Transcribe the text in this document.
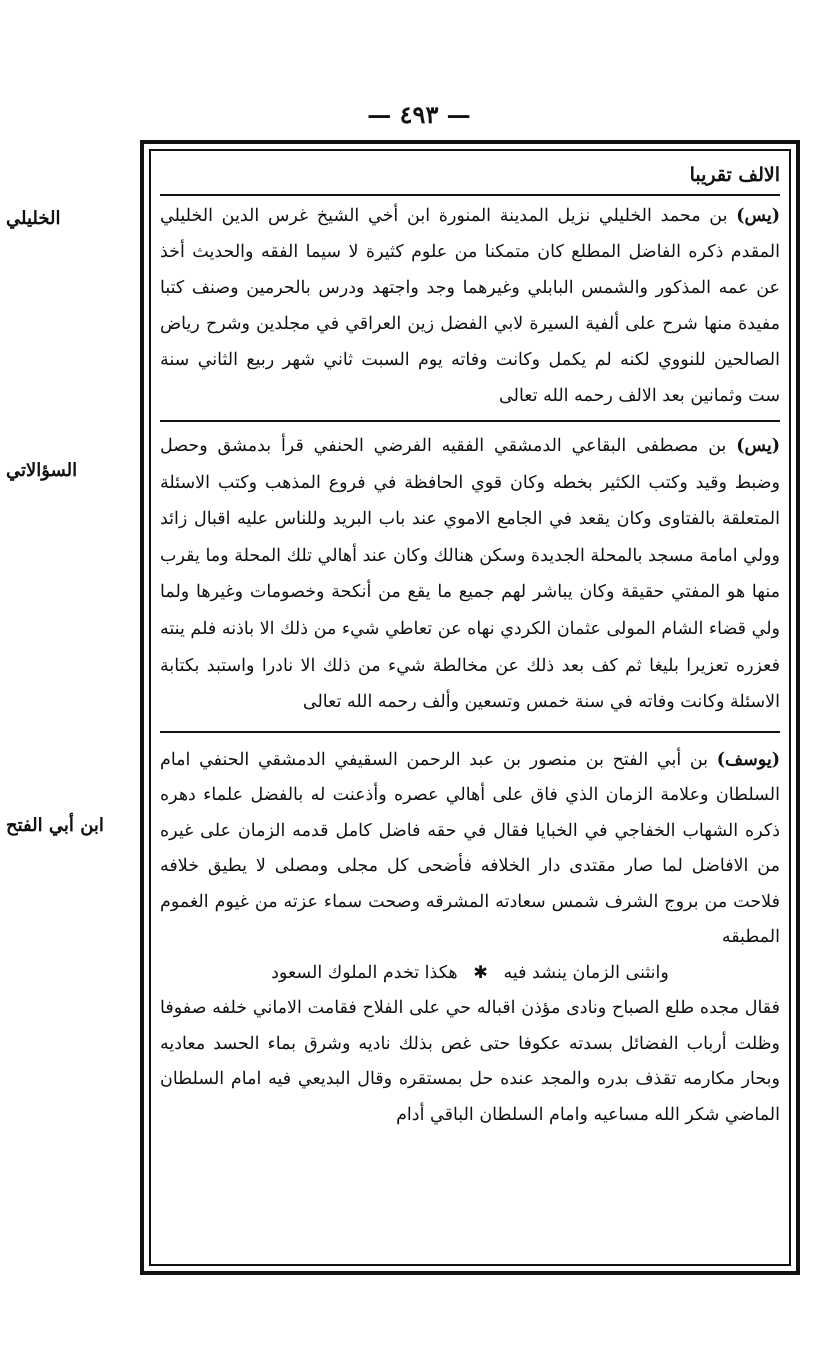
— ٤٩٣ —
الخليلي
السؤالاتي
ابن أبي الفتح
الالف تقريبا

(يس) بن محمد الخليلي نزيل المدينة المنورة ابن أخي الشيخ غرس الدين الخليلي المقدم ذكره الفاضل المطلع كان متمكنا من علوم كثيرة لا سيما الفقه والحديث أخذ عن عمه المذكور والشمس البابلي وغيرهما وجد واجتهد ودرس بالحرمين وصنف كتبا مفيدة منها شرح على ألفية السيرة لابي الفضل زين العراقي في مجلدين وشرح رياض الصالحين للنووي لكنه لم يكمل وكانت وفاته يوم السبت ثاني شهر ربيع الثاني سنة ست وثمانين بعد الالف رحمه الله تعالى

(يس) بن مصطفى البقاعي الدمشقي الفقيه الفرضي الحنفي قرأ بدمشق وحصل وضبط وقيد وكتب الكثير بخطه وكان قوي الحافظة في فروع المذهب وكتب الاسئلة المتعلقة بالفتاوى وكان يقعد في الجامع الاموي عند باب البريد وللناس عليه اقبال زائد وولي امامة مسجد بالمحلة الجديدة وسكن هنالك وكان عند أهالي تلك المحلة وما يقرب منها هو المفتي حقيقة وكان يباشر لهم جميع ما يقع من أنكحة وخصومات وغيرها ولما ولي قضاء الشام المولى عثمان الكردي نهاه عن تعاطي شيء من ذلك الا باذنه فلم ينته فعزره تعزيرا بليغا ثم كف بعد ذلك عن مخالطة شيء من ذلك الا نادرا واستبد بكتابة الاسئلة وكانت وفاته في سنة خمس وتسعين وألف رحمه الله تعالى

(يوسف) بن أبي الفتح بن منصور بن عبد الرحمن السقيفي الدمشقي الحنفي امام السلطان وعلامة الزمان الذي فاق على أهالي عصره وأذعنت له بالفضل علماء دهره ذكره الشهاب الخفاجي في الخبايا فقال في حقه فاضل كامل قدمه الزمان على غيره من الافاضل لما صار مقتدى دار الخلافه فأضحى كل مجلى ومصلى لا يطيق خلافه فلاحت من بروج الشرف شمس سعادته المشرقه وصحت سماء عزته من غيوم الغموم المطبقه

وانثنى الزمان ينشد فيه ✱ هكذا تخدم الملوك السعود

فقال مجده طلع الصباح ونادى مؤذن اقباله حي على الفلاح فقامت الاماني خلفه صفوفا وظلت أرباب الفضائل بسدته عكوفا حتى غص بذلك ناديه وشرق بماء الحسد معاديه وبحار مكارمه تقذف بدره والمجد عنده حل بمستقره وقال البديعي فيه امام السلطان الماضي شكر الله مساعيه وامام السلطان الباقي أدام
